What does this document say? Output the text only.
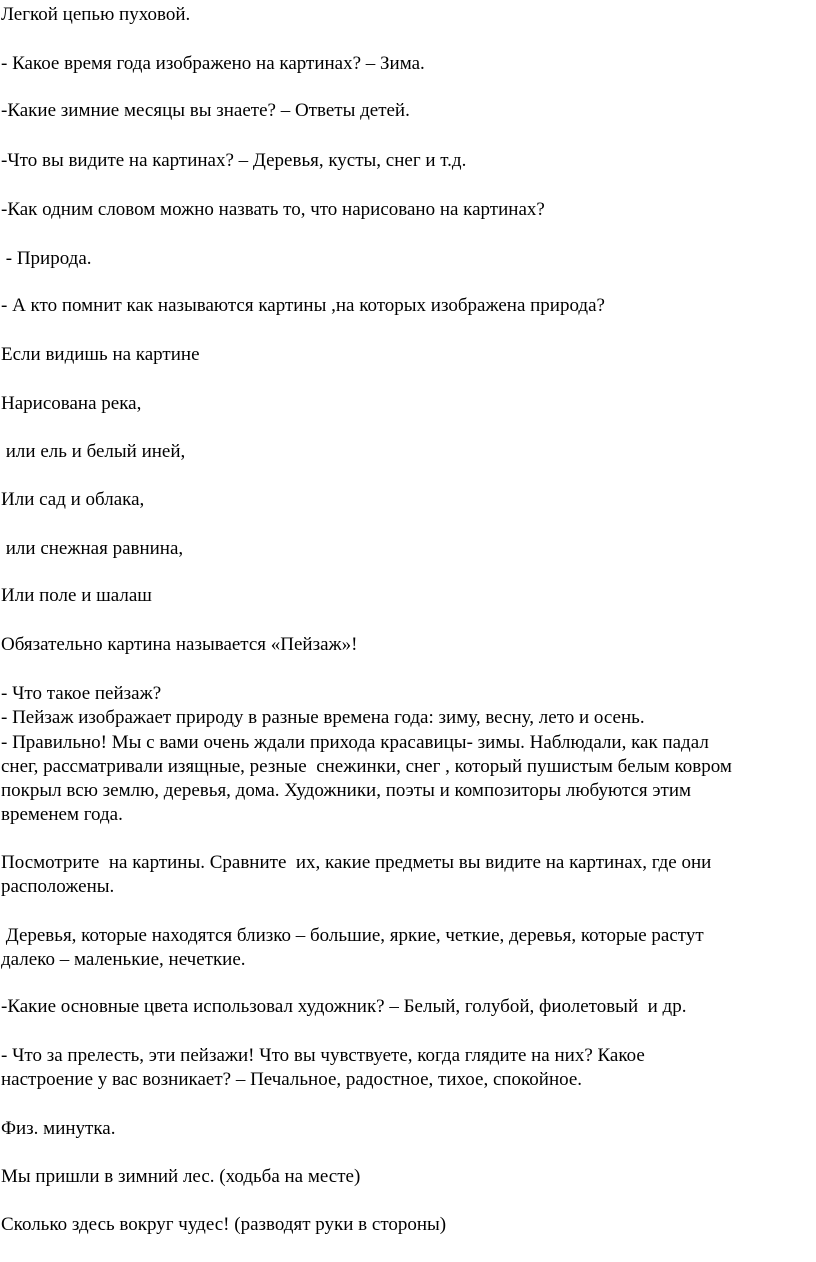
Легкой цепью пуховой.

- Какое время года изображено на картинах? – Зима.

-Какие зимние месяцы вы знаете? – Ответы детей.

-Что вы видите на картинах? – Деревья, кусты, снег и т.д.

-Как одним словом можно назвать то, что нарисовано на картинах?

- Природа.

- А кто помнит как называются картины ,на которых изображена природа?

Если видишь на картине

Нарисована река,

или ель и белый иней,

Или сад и облака,

или снежная равнина,

Или поле и шалаш

Обязательно картина называется «Пейзаж»!

- Что такое пейзаж?

- Пейзаж изображает природу в разные времена года: зиму, весну, лето и осень.

- Правильно! Мы с вами очень ждали прихода красавицы- зимы. Наблюдали, как падал

снег, рассматривали изящные, резные  снежинки, снег , который пушистым белым ковром

покрыл всю землю, деревья, дома. Художники, поэты и композиторы любуются этим

временем года.

Посмотрите  на картины. Сравните  их, какие предметы вы видите на картинах, где они

расположены.

Деревья, которые находятся близко – большие, яркие, четкие, деревья, которые растут

далеко – маленькие, нечеткие.

-Какие основные цвета использовал художник? – Белый, голубой, фиолетовый  и др.

- Что за прелесть, эти пейзажи! Что вы чувствуете, когда глядите на них? Какое

настроение у вас возникает? – Печальное, радостное, тихое, спокойное.

Физ. минутка.

Мы пришли в зимний лес. (ходьба на месте)

Сколько здесь вокруг чудес! (разводят руки в стороны)
